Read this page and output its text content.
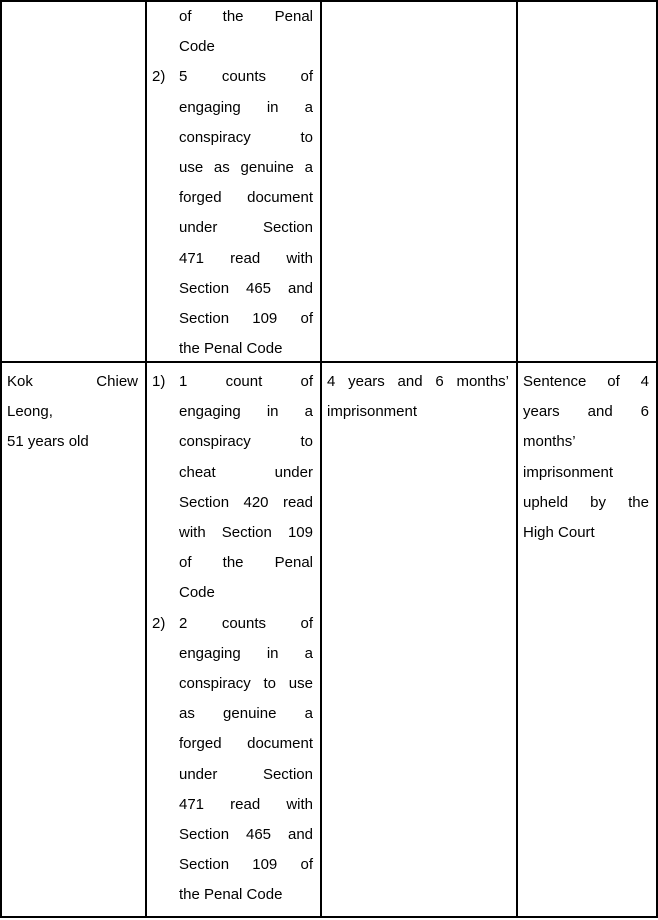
of the Penal
Code
2) 5 counts of
engaging in a
conspiracy to
use as genuine a
forged document
under Section
471 read with
Section 465 and
Section 109 of
the Penal Code
Kok Chiew
Leong,
51 years old
1) 1 count of
engaging in a
conspiracy to
cheat under
Section 420 read
with Section 109
of the Penal
Code
2) 2 counts of
engaging in a
conspiracy to use
as genuine a
forged document
under Section
471 read with
Section 465 and
Section 109 of
the Penal Code
4 years and 6 months’
imprisonment
Sentence of 4
years and 6
months’
imprisonment
upheld by the
High Court
